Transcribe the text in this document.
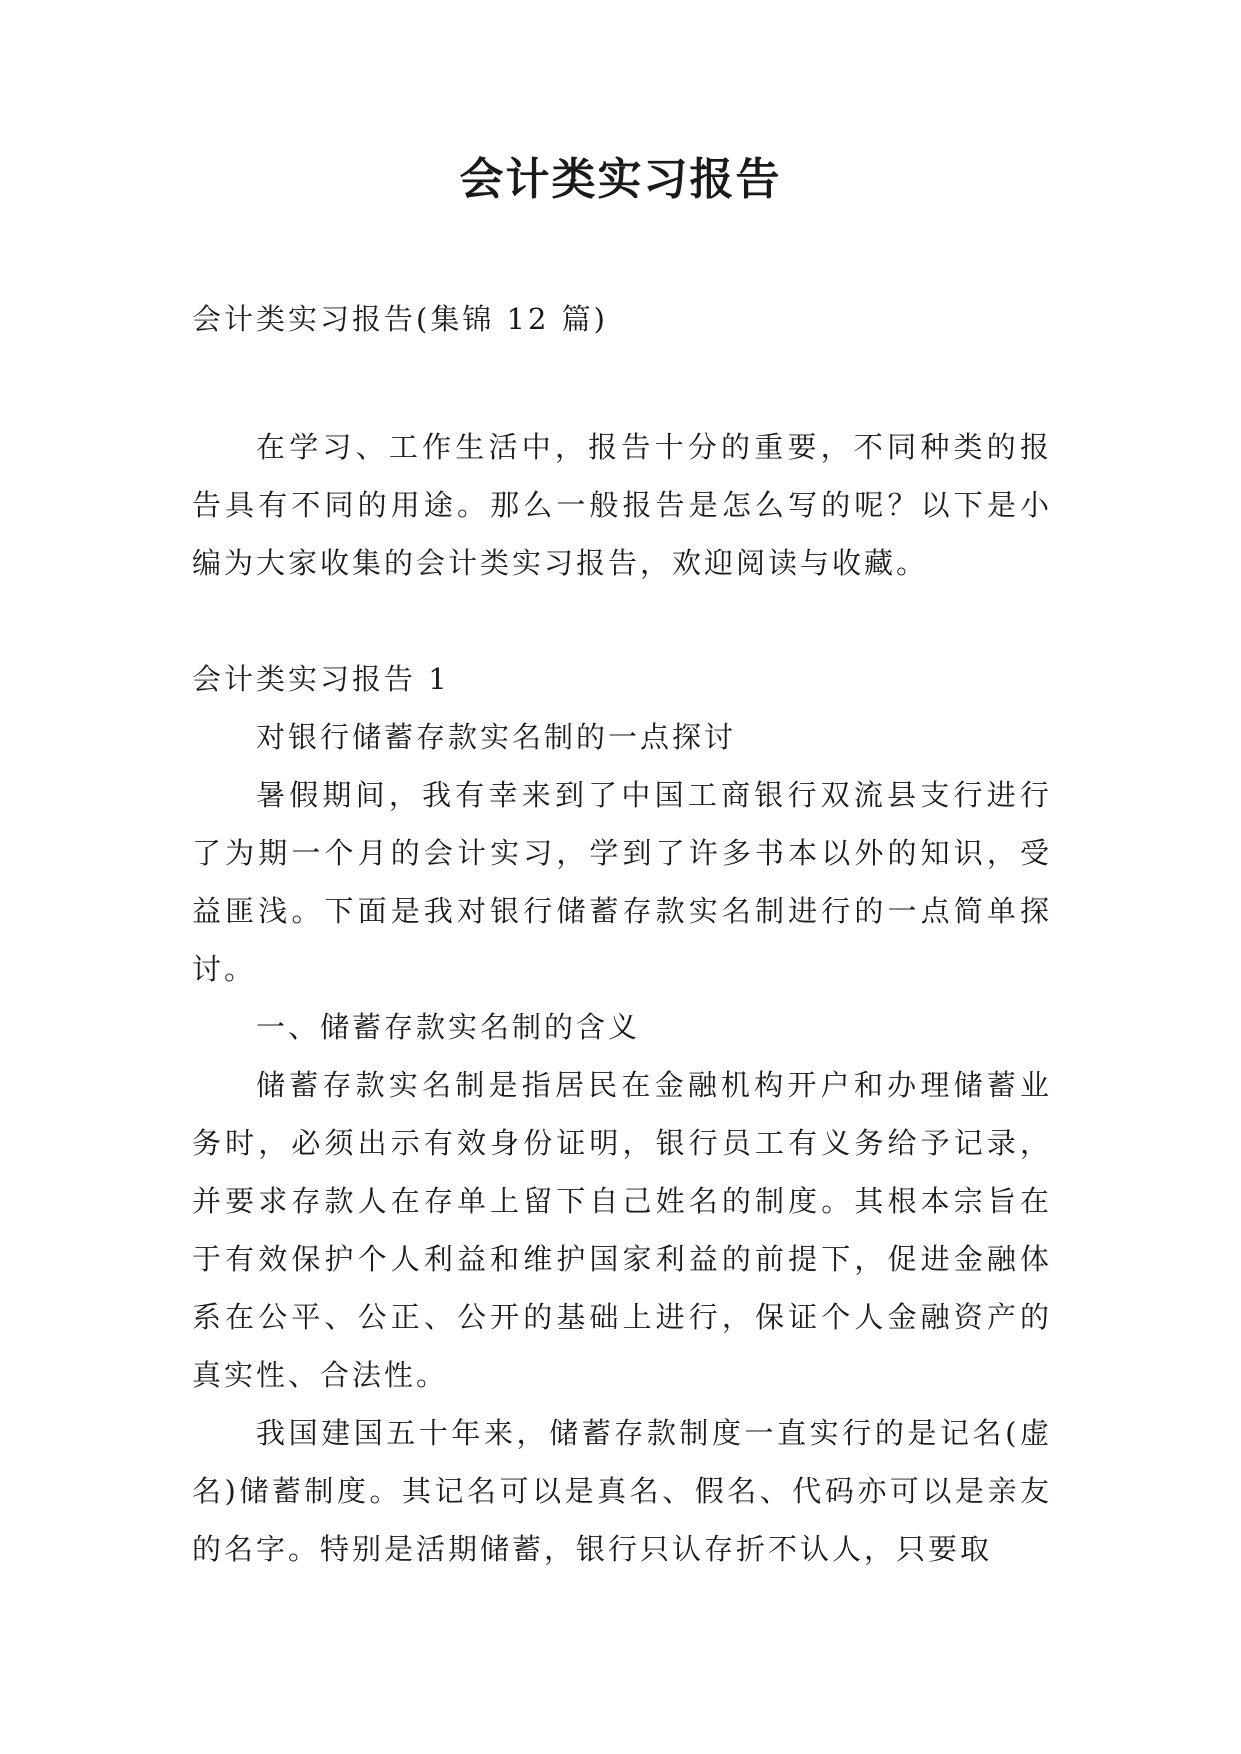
会计类实习报告

会计类实习报告(集锦 12 篇)

在学习、工作生活中，报告十分的重要，不同种类的报告具有不同的用途。那么一般报告是怎么写的呢？以下是小编为大家收集的会计类实习报告，欢迎阅读与收藏。

会计类实习报告 1

对银行储蓄存款实名制的一点探讨

暑假期间，我有幸来到了中国工商银行双流县支行进行了为期一个月的会计实习，学到了许多书本以外的知识，受益匪浅。下面是我对银行储蓄存款实名制进行的一点简单探讨。

一、储蓄存款实名制的含义

储蓄存款实名制是指居民在金融机构开户和办理储蓄业务时，必须出示有效身份证明，银行员工有义务给予记录，并要求存款人在存单上留下自己姓名的制度。其根本宗旨在于有效保护个人利益和维护国家利益的前提下，促进金融体系在公平、公正、公开的基础上进行，保证个人金融资产的真实性、合法性。

我国建国五十年来，储蓄存款制度一直实行的是记名(虚名)储蓄制度。其记名可以是真名、假名、代码亦可以是亲友的名字。特别是活期储蓄，银行只认存折不认人，只要取
